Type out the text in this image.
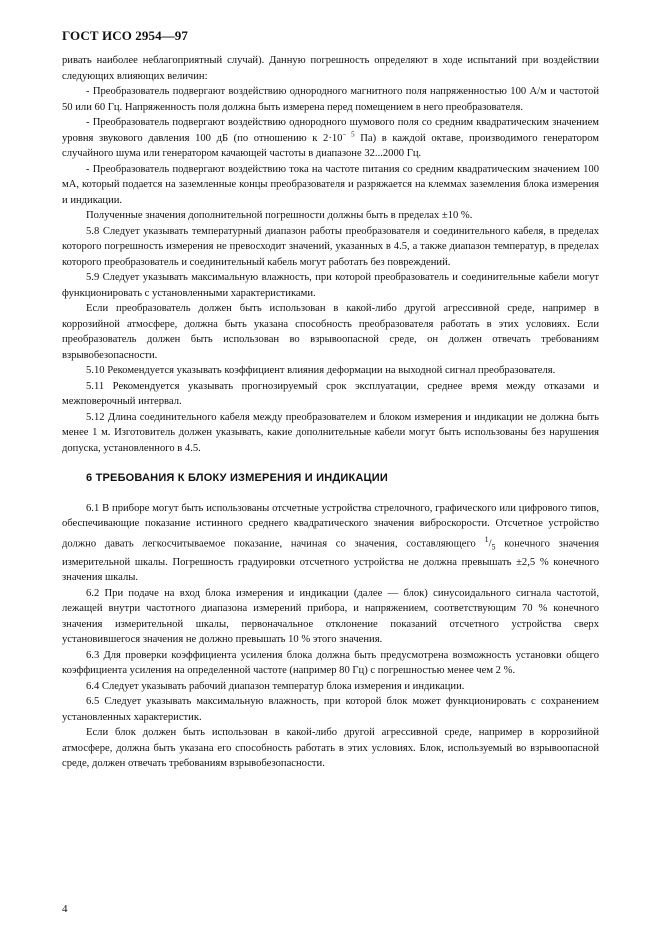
ГОСТ ИСО 2954—97

ривать наиболее неблагоприятный случай). Данную погрешность определяют в ходе испытаний при воздействии следующих влияющих величин:

- Преобразователь подвергают воздействию однородного магнитного поля напряженностью 100 А/м и частотой 50 или 60 Гц. Напряженность поля должна быть измерена перед помещением в него преобразователя.

- Преобразователь подвергают воздействию однородного шумового поля со средним квадратическим значением уровня звукового давления 100 дБ (по отношению к $2\cdot 10^{- 5}$ Па) в каждой октаве, производимого генератором случайного шума или генератором качающей частоты в диапазоне 32...2000 Гц.

- Преобразователь подвергают воздействию тока на частоте питания со средним квадратическим значением 100 мА, который подается на заземленные концы преобразователя и разряжается на клеммах заземления блока измерения и индикации.

Полученные значения дополнительной погрешности должны быть в пределах ±10 %.

5.8 Следует указывать температурный диапазон работы преобразователя и соединительного кабеля, в пределах которого погрешность измерения не превосходит значений, указанных в 4.5, а также диапазон температур, в пределах которого преобразователь и соединительный кабель могут работать без повреждений.

5.9 Следует указывать максимальную влажность, при которой преобразователь и соединительные кабели могут функционировать с установленными характеристиками.

Если преобразователь должен быть использован в какой-либо другой агрессивной среде, например в коррозийной атмосфере, должна быть указана способность преобразователя работать в этих условиях. Если преобразователь должен быть использован во взрывоопасной среде, он должен отвечать требованиям взрывобезопасности.

5.10 Рекомендуется указывать коэффициент влияния деформации на выходной сигнал преобразователя.

5.11 Рекомендуется указывать прогнозируемый срок эксплуатации, среднее время между отказами и межповерочный интервал.

5.12 Длина соединительного кабеля между преобразователем и блоком измерения и индикации не должна быть менее 1 м. Изготовитель должен указывать, какие дополнительные кабели могут быть использованы без нарушения допуска, установленного в 4.5.

6 ТРЕБОВАНИЯ К БЛОКУ ИЗМЕРЕНИЯ И ИНДИКАЦИИ

6.1 В приборе могут быть использованы отсчетные устройства стрелочного, графического или цифрового типов, обеспечивающие показание истинного среднего квадратического значения виброскорости. Отсчетное устройство должно давать легкосчитываемое показание, начиная со значения, составляющего $^1/_5$ конечного значения измерительной шкалы. Погрешность градуировки отсчетного устройства не должна превышать ±2,5 % конечного значения шкалы.

6.2 При подаче на вход блока измерения и индикации (далее — блок) синусоидального сигнала частотой, лежащей внутри частотного диапазона измерений прибора, и напряжением, соответствующим 70 % конечного значения измерительной шкалы, первоначальное отклонение показаний отсчетного устройства сверх установившегося значения не должно превышать 10 % этого значения.

6.3 Для проверки коэффициента усиления блока должна быть предусмотрена возможность установки общего коэффициента усиления на определенной частоте (например 80 Гц) с погрешностью менее чем 2 %.

6.4 Следует указывать рабочий диапазон температур блока измерения и индикации.

6.5 Следует указывать максимальную влажность, при которой блок может функционировать с сохранением установленных характеристик.

Если блок должен быть использован в какой-либо другой агрессивной среде, например в коррозийной атмосфере, должна быть указана его способность работать в этих условиях. Блок, используемый во взрывоопасной среде, должен отвечать требованиям взрывобезопасности.

4
